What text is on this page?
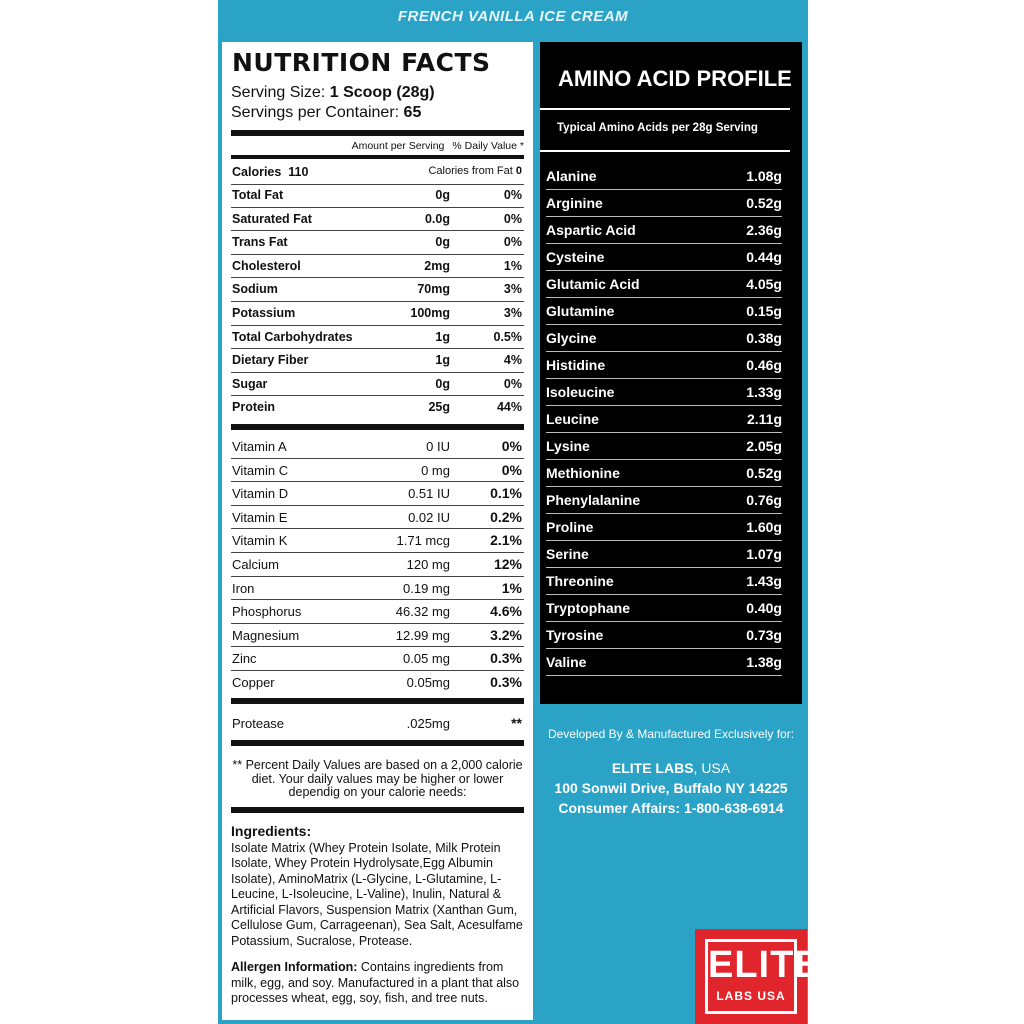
FRENCH VANILLA ICE CREAM
NUTRITION FACTS
Serving Size: 1 Scoop (28g)
Servings per Container: 65
Amount per Serving % Daily Value *
Calories 110	Calories from Fat 0
Total Fat	0g	0%
Saturated Fat	0.0g	0%
Trans Fat	0g	0%
Cholesterol	2mg	1%
Sodium	70mg	3%
Potassium	100mg	3%
Total Carbohydrates	1g	0.5%
Dietary Fiber	1g	4%
Sugar	0g	0%
Protein	25g	44%
Vitamin A	0 IU	0%
Vitamin C	0 mg	0%
Vitamin D	0.51 IU	0.1%
Vitamin E	0.02 IU	0.2%
Vitamin K	1.71 mcg	2.1%
Calcium	120 mg	12%
Iron	0.19 mg	1%
Phosphorus	46.32 mg	4.6%
Magnesium	12.99 mg	3.2%
Zinc	0.05 mg	0.3%
Copper	0.05mg	0.3%
Protease	.025mg	**
** Percent Daily Values are based on a 2,000 calorie diet. Your daily values may be higher or lower dependig on your calorie needs:
Ingredients:
Isolate Matrix (Whey Protein Isolate, Milk Protein Isolate, Whey Protein Hydrolysate,Egg Albumin Isolate), AminoMatrix (L-Glycine, L-Glutamine, L-Leucine, L-Isoleucine, L-Valine), Inulin, Natural & Artificial Flavors, Suspension Matrix (Xanthan Gum, Cellulose Gum, Carrageenan), Sea Salt, Acesulfame Potassium, Sucralose, Protease.
Allergen Information: Contains ingredients from milk, egg, and soy. Manufactured in a plant that also processes wheat, egg, soy, fish, and tree nuts.
AMINO ACID PROFILE
Typical Amino Acids per 28g Serving
Alanine	1.08g
Arginine	0.52g
Aspartic Acid	2.36g
Cysteine	0.44g
Glutamic Acid	4.05g
Glutamine	0.15g
Glycine	0.38g
Histidine	0.46g
Isoleucine	1.33g
Leucine	2.11g
Lysine	2.05g
Methionine	0.52g
Phenylalanine	0.76g
Proline	1.60g
Serine	1.07g
Threonine	1.43g
Tryptophane	0.40g
Tyrosine	0.73g
Valine	1.38g
Developed By & Manufactured Exclusively for:
ELITE LABS, USA
100 Sonwil Drive, Buffalo NY 14225
Consumer Affairs: 1-800-638-6914
ELITE
LABS USA
